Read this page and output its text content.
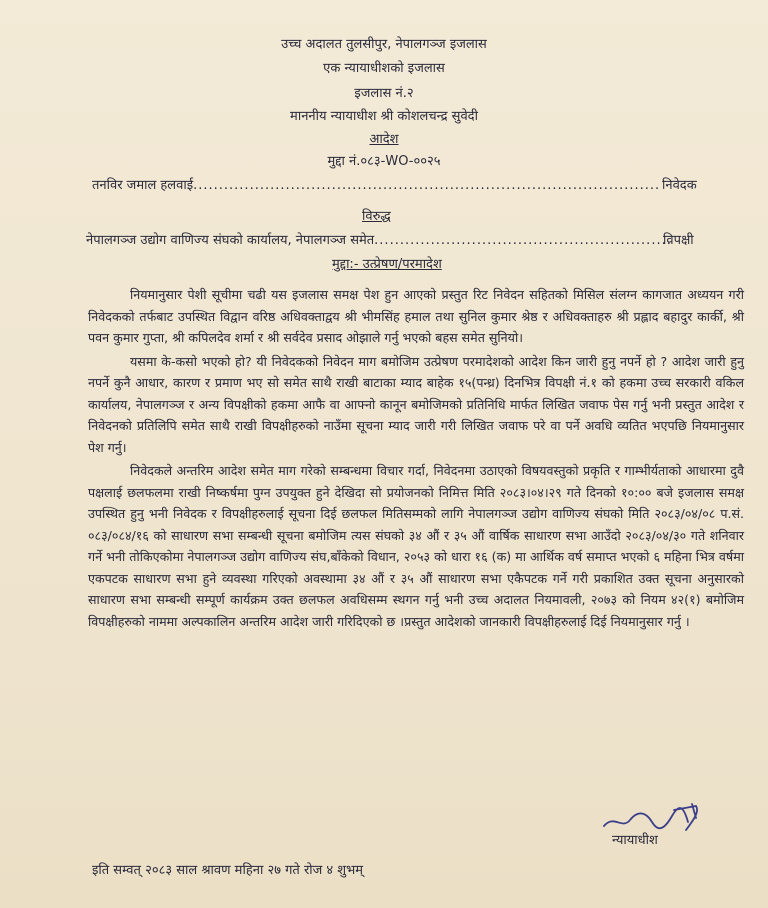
उच्च अदालत तुलसीपुर, नेपालगञ्ज इजलास
एक न्यायाधीशको इजलास
इजलास नं.२
माननीय न्यायाधीश श्री कोशलचन्द्र सुवेदी
आदेश
मुद्दा नं.०८३-WO-००२५
तनविर जमाल हलवाई........................................................................................... निवेदक
विरुद्ध
नेपालगञ्ज उद्योग वाणिज्य संघको कार्यालय, नेपालगञ्ज समेत..........................................................
विपक्षी
मुद्दा:- उत्प्रेषण/परमादेश

नियमानुसार पेशी सूचीमा चढी यस इजलास समक्ष पेश हुन आएको प्रस्तुत रिट निवेदन सहितको मिसिल संलग्न कागजात अध्ययन गरी निवेदकको तर्फबाट उपस्थित विद्वान वरिष्ठ अधिवक्ताद्वय श्री भीमसिंह हमाल तथा सुनिल कुमार श्रेष्ठ र अधिवक्ताहरु श्री प्रह्लाद बहादुर कार्की, श्री पवन कुमार गुप्ता, श्री कपिलदेव शर्मा र श्री सर्वदेव प्रसाद ओझाले गर्नु भएको बहस समेत सुनियो।

यसमा के-कसो भएको हो? यी निवेदकको निवेदन माग बमोजिम उत्प्रेषण परमादेशको आदेश किन जारी हुनु नपर्ने हो ? आदेश जारी हुनु नपर्ने कुनै आधार, कारण र प्रमाण भए सो समेत साथै राखी बाटाका म्याद बाहेक १५(पन्ध्र) दिनभित्र विपक्षी नं.१ को हकमा उच्च सरकारी वकिल कार्यालय, नेपालगञ्ज र अन्य विपक्षीको हकमा आफै वा आफ्नो कानून बमोजिमको प्रतिनिधि मार्फत लिखित जवाफ पेस गर्नु भनी प्रस्तुत आदेश र निवेदनको प्रतिलिपि समेत साथै राखी विपक्षीहरुको नाउँमा सूचना म्याद जारी गरी लिखित जवाफ परे वा पर्ने अवधि व्यतित भएपछि नियमानुसार पेश गर्नु।

निवेदकले अन्तरिम आदेश समेत माग गरेको सम्बन्धमा विचार गर्दा, निवेदनमा उठाएको विषयवस्तुको प्रकृति र गाम्भीर्यताको आधारमा दुवै पक्षलाई छलफलमा राखी निष्कर्षमा पुग्न उपयुक्त हुने देखिदा सो प्रयोजनको निमित्त मिति २०८३।०४।२९ गते दिनको १०:०० बजे इजलास समक्ष उपस्थित हुनु भनी निवेदक र विपक्षीहरुलाई सूचना दिई छलफल मितिसम्मको लागि नेपालगञ्ज उद्योग वाणिज्य संघको मिति २०८३/०४/०८ प.सं. ०८३/०८४/१६ को साधारण सभा सम्बन्धी सूचना बमोजिम त्यस संघको ३४ औं र ३५ औं वार्षिक साधारण सभा आउँदो २०८३/०४/३० गते शनिवार गर्ने भनी तोकिएकोमा नेपालगञ्ज उद्योग वाणिज्य संघ,बाँकेको विधान, २०५३ को धारा १६ (क) मा आर्थिक वर्ष समाप्त भएको ६ महिना भित्र वर्षमा एकपटक साधारण सभा हुने व्यवस्था गरिएको अवस्थामा ३४ औं र ३५ औं साधारण सभा एकैपटक गर्ने गरी प्रकाशित उक्त सूचना अनुसारको साधारण सभा सम्बन्धी सम्पूर्ण कार्यक्रम उक्त छलफल अवधिसम्म स्थगन गर्नु भनी उच्च अदालत नियमावली, २०७३ को नियम ४२(१) बमोजिम विपक्षीहरुको नाममा अल्पकालिन अन्तरिम आदेश जारी गरिदिएको छ ।प्रस्तुत आदेशको जानकारी विपक्षीहरुलाई दिई नियमानुसार गर्नु ।

न्यायाधीश
इति सम्वत् २०८३ साल श्रावण महिना २७ गते रोज ४ शुभम्
